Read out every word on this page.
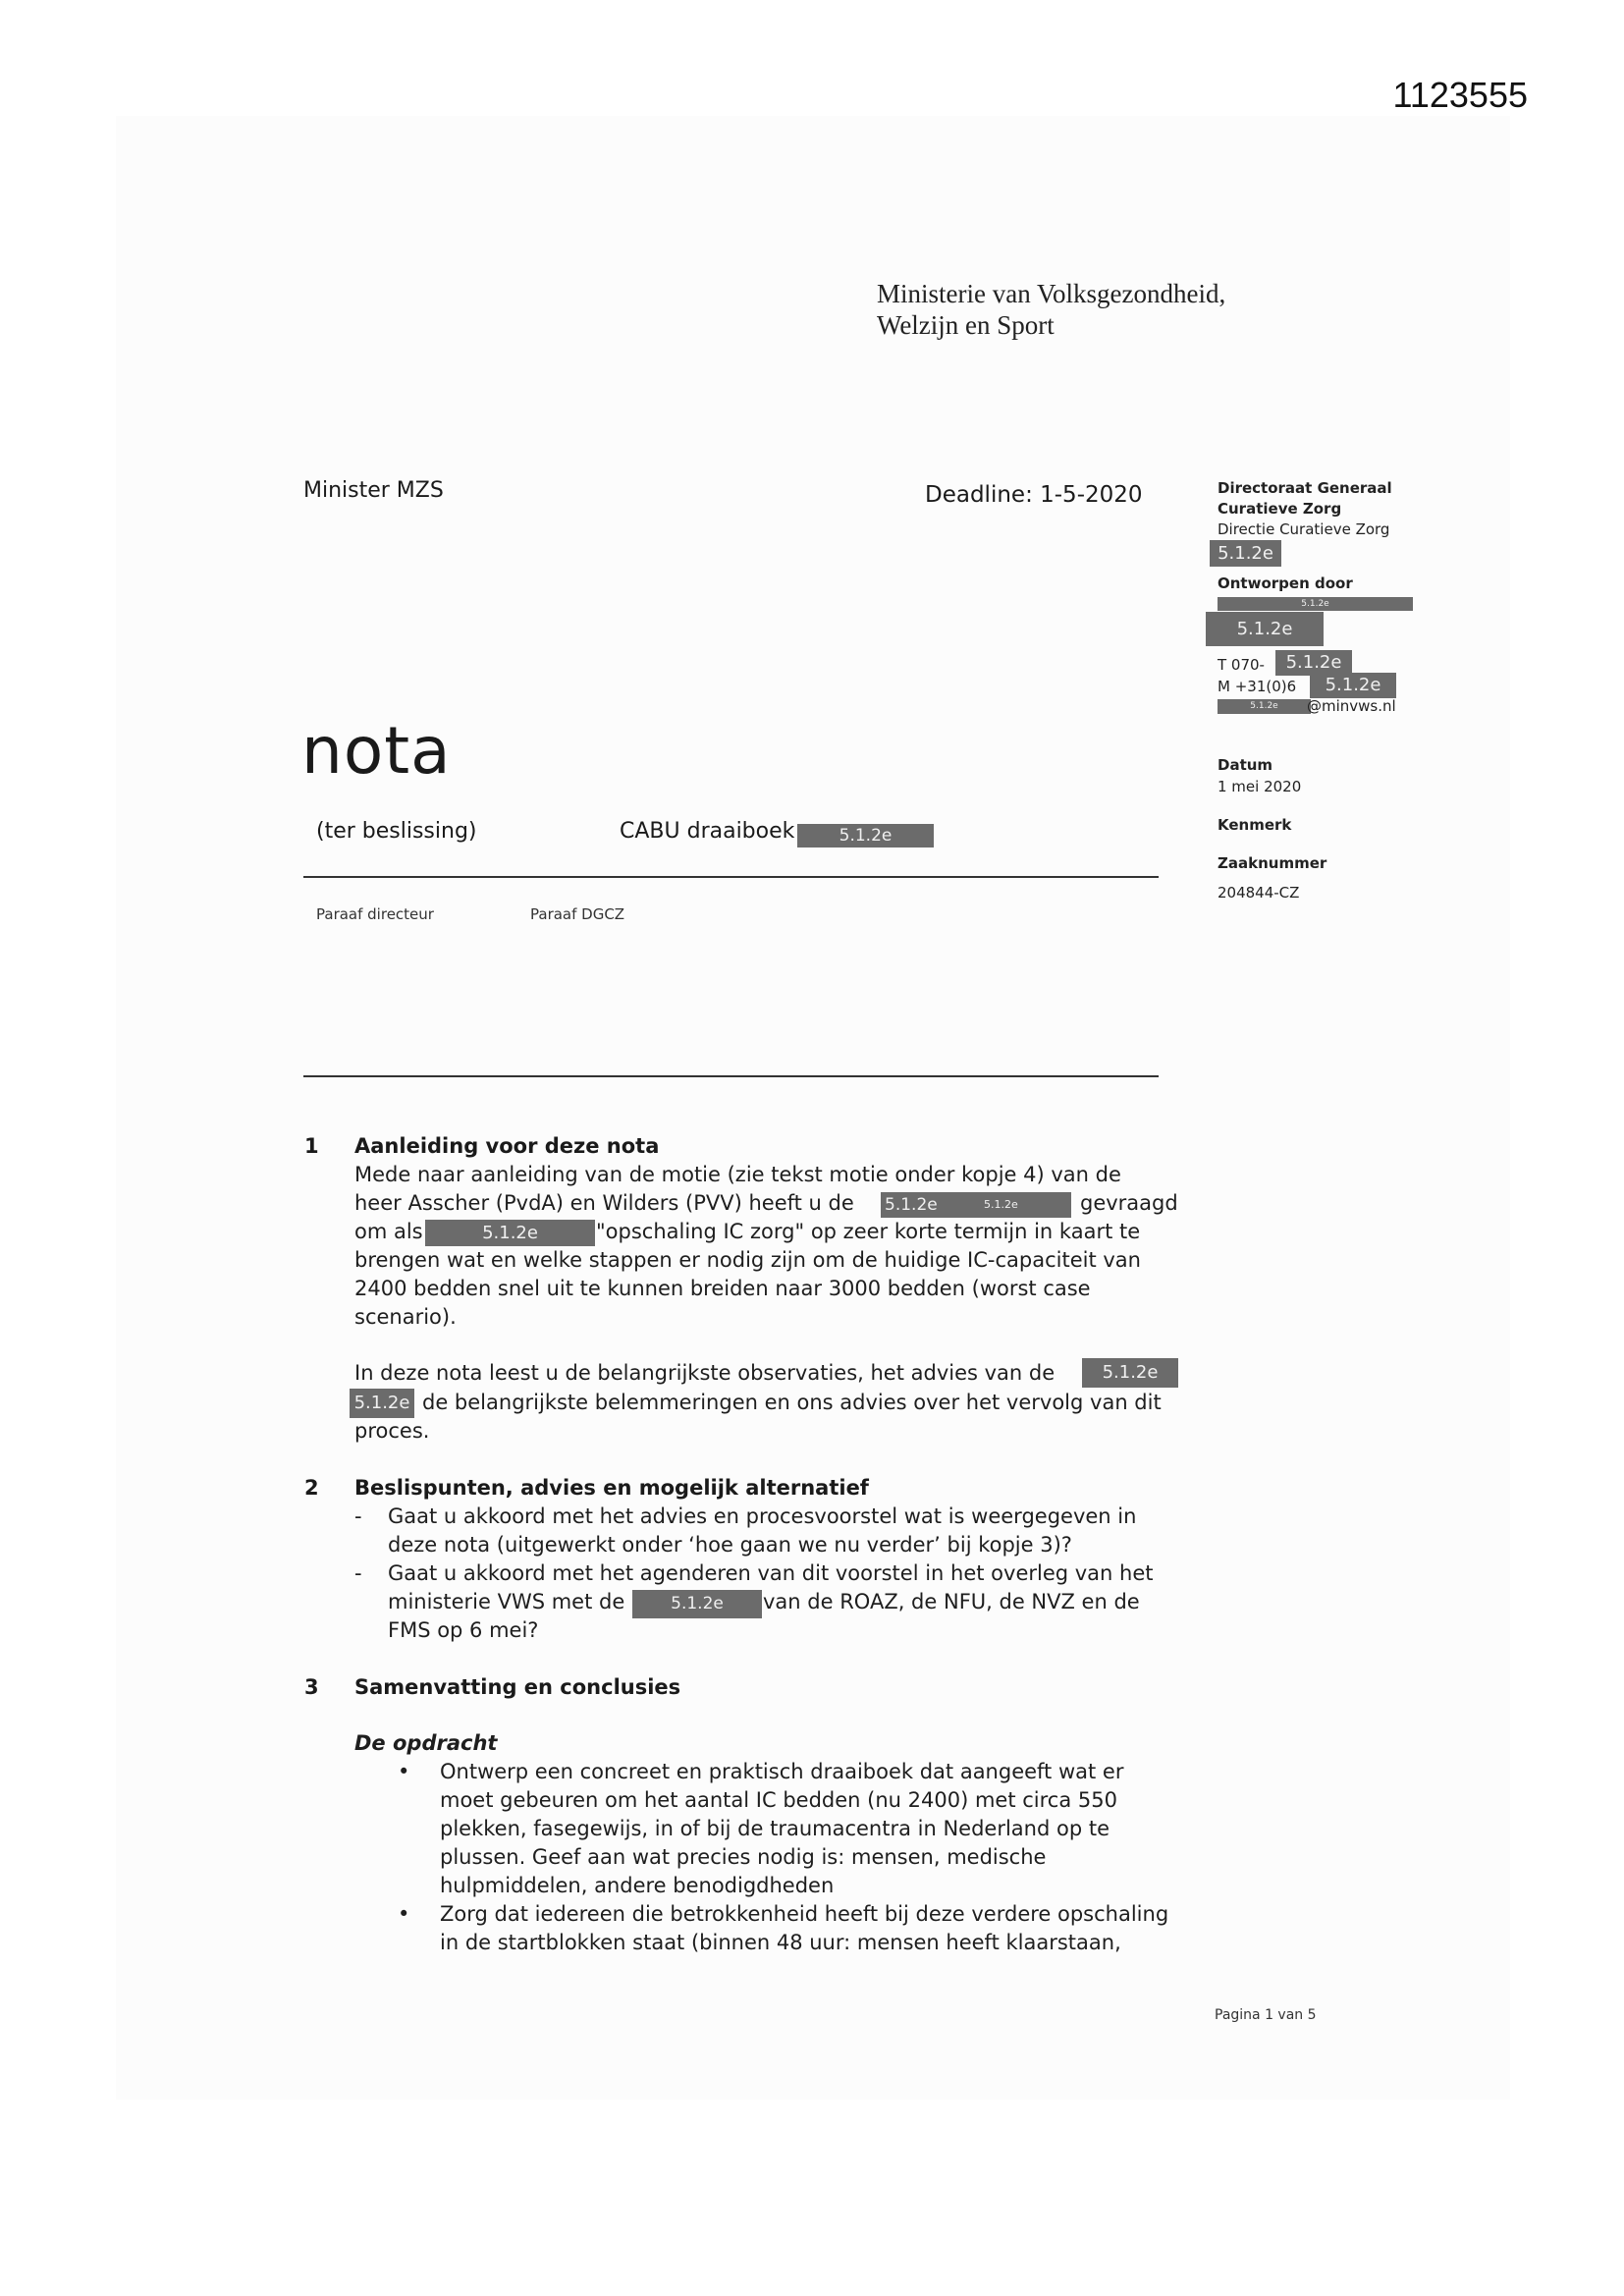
1123555
Ministerie van Volksgezondheid,
Welzijn en Sport
Minister MZS	Deadline: 1-5-2020	Directoraat Generaal
Curatieve Zorg
Directie Curatieve Zorg
5.1.2e
Ontworpen door
5.1.2e
5.1.2e
T 070-	5.1.2e
M +31(0)6	5.1.2e
5.1.2e	@minvws.nl
Datum
1 mei 2020
Kenmerk
Zaaknummer
204844-CZ
nota
(ter beslissing)	CABU draaiboek	5.1.2e
Paraaf directeur	Paraaf DGCZ
1 Aanleiding voor deze nota
Mede naar aanleiding van de motie (zie tekst motie onder kopje 4) van de
heer Asscher (PvdA) en Wilders (PVV) heeft u de 5.1.2e	5.1.2e	gevraagd
om als	5.1.2e	"opschaling IC zorg" op zeer korte termijn in kaart te
brengen wat en welke stappen er nodig zijn om de huidige IC-capaciteit van
2400 bedden snel uit te kunnen breiden naar 3000 bedden (worst case
scenario).
In deze nota leest u de belangrijkste observaties, het advies van de	5.1.2e
5.1.2e de belangrijkste belemmeringen en ons advies over het vervolg van dit
proces.
2 Beslispunten, advies en mogelijk alternatief
- Gaat u akkoord met het advies en procesvoorstel wat is weergegeven in
deze nota (uitgewerkt onder ‘hoe gaan we nu verder’ bij kopje 3)?
- Gaat u akkoord met het agenderen van dit voorstel in het overleg van het
ministerie VWS met de	5.1.2e	van de ROAZ, de NFU, de NVZ en de
FMS op 6 mei?
3 Samenvatting en conclusies
De opdracht
• Ontwerp een concreet en praktisch draaiboek dat aangeeft wat er
moet gebeuren om het aantal IC bedden (nu 2400) met circa 550
plekken, fasegewijs, in of bij de traumacentra in Nederland op te
plussen. Geef aan wat precies nodig is: mensen, medische
hulpmiddelen, andere benodigdheden
• Zorg dat iedereen die betrokkenheid heeft bij deze verdere opschaling
in de startblokken staat (binnen 48 uur: mensen heeft klaarstaan,
Pagina 1 van 5
